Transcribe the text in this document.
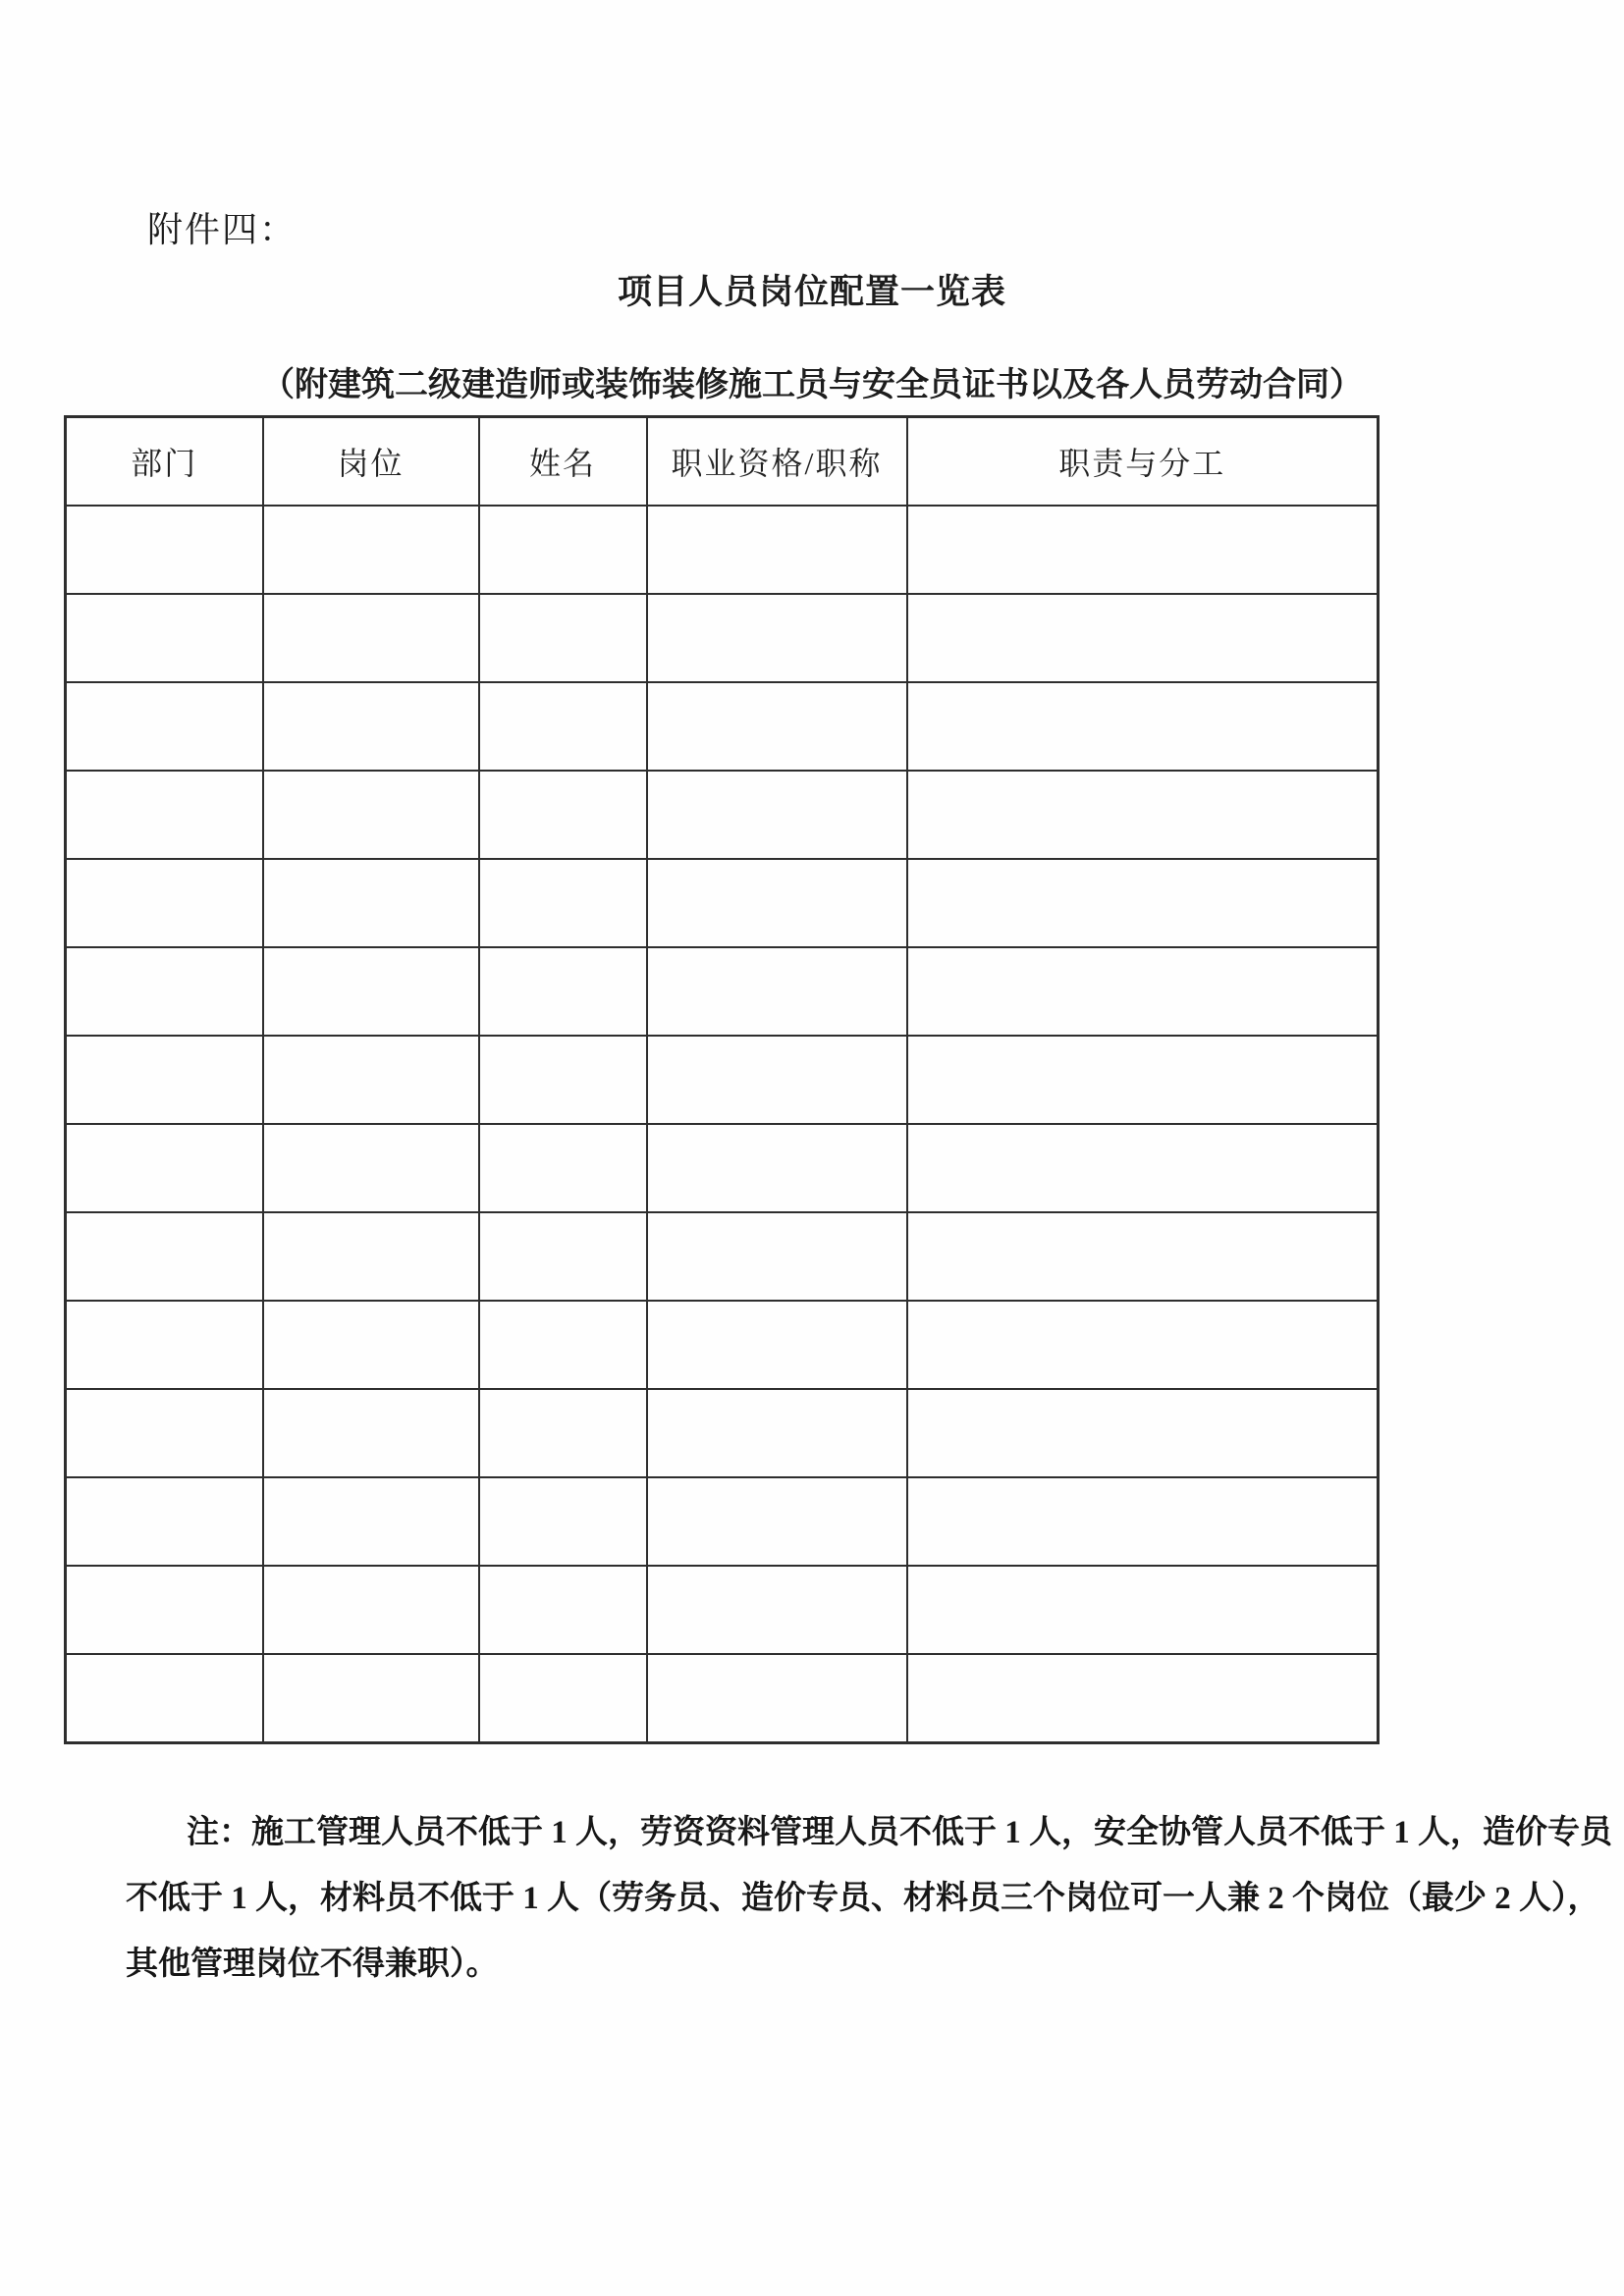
附件四：
项目人员岗位配置一览表
（附建筑二级建造师或装饰装修施工员与安全员证书以及各人员劳动合同）
部门	岗位	姓名	职业资格/职称	职责与分工

注：施工管理人员不低于 1 人，劳资资料管理人员不低于 1 人，安全协管人员不低于 1 人，造价专员
不低于 1 人，材料员不低于 1 人（劳务员、造价专员、材料员三个岗位可一人兼 2 个岗位（最少 2 人），
其他管理岗位不得兼职）。
